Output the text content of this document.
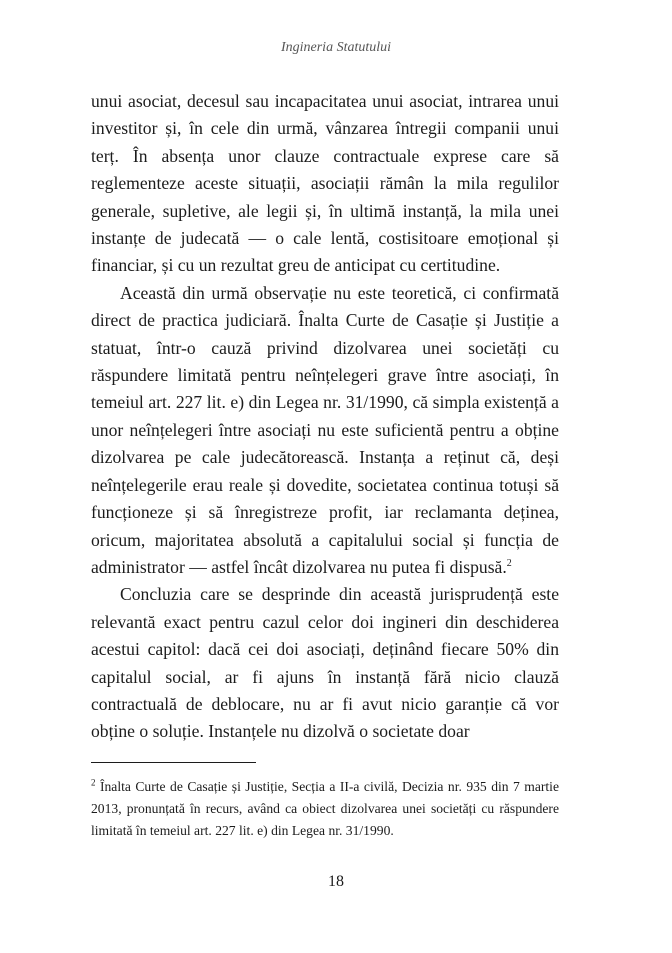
Ingineria Statutului

unui asociat, decesul sau incapacitatea unui asociat, intrarea unui investitor și, în cele din urmă, vânzarea întregii companii unui terț. În absența unor clauze contractuale exprese care să reglementeze aceste situații, asociații rămân la mila regulilor generale, supletive, ale legii și, în ultimă instanță, la mila unei instanțe de judecată — o cale lentă, costisitoare emoțional și financiar, și cu un rezultat greu de anticipat cu certitudine.

Această din urmă observație nu este teoretică, ci confirmată direct de practica judiciară. Înalta Curte de Casație și Justiție a statuat, într-o cauză privind dizolvarea unei societăți cu răspundere limitată pentru neînțelegeri grave între asociați, în temeiul art. 227 lit. e) din Legea nr. 31/1990, că simpla existență a unor neînțelegeri între asociați nu este suficientă pentru a obține dizolvarea pe cale judecătorească. Instanța a reținut că, deși neînțelegerile erau reale și dovedite, societatea continua totuși să funcționeze și să înregistreze profit, iar reclamanta deținea, oricum, majoritatea absolută a capitalului social și funcția de administrator — astfel încât dizolvarea nu putea fi dispusă.$^2$

Concluzia care se desprinde din această jurisprudență este relevantă exact pentru cazul celor doi ingineri din deschiderea acestui capitol: dacă cei doi asociați, deținând fiecare 50% din capitalul social, ar fi ajuns în instanță fără nicio clauză contractuală de deblocare, nu ar fi avut nicio garanție că vor obține o soluție. Instanțele nu dizolvă o societate doar

$^2$ Înalta Curte de Casație și Justiție, Secția a II-a civilă, Decizia nr. 935 din 7 martie 2013, pronunțată în recurs, având ca obiect dizolvarea unei societăți cu răspundere limitată în temeiul art. 227 lit. e) din Legea nr. 31/1990.
18
